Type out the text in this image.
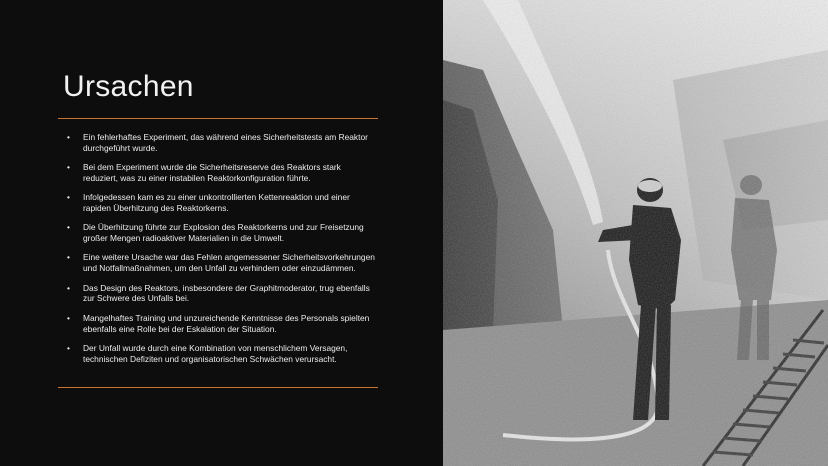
Ursachen
• Ein fehlerhaftes Experiment, das während eines Sicherheitstests am Reaktor durchgeführt wurde.
• Bei dem Experiment wurde die Sicherheitsreserve des Reaktors stark reduziert, was zu einer instabilen Reaktorkonfiguration führte.
• Infolgedessen kam es zu einer unkontrollierten Kettenreaktion und einer rapiden Überhitzung des Reaktorkerns.
• Die Überhitzung führte zur Explosion des Reaktorkerns und zur Freisetzung großer Mengen radioaktiver Materialien in die Umwelt.
• Eine weitere Ursache war das Fehlen angemessener Sicherheitsvorkehrungen und Notfallmaßnahmen, um den Unfall zu verhindern oder einzudämmen.
• Das Design des Reaktors, insbesondere der Graphitmoderator, trug ebenfalls zur Schwere des Unfalls bei.
• Mangelhaftes Training und unzureichende Kenntnisse des Personals spielten ebenfalls eine Rolle bei der Eskalation der Situation.
• Der Unfall wurde durch eine Kombination von menschlichem Versagen, technischen Defiziten und organisatorischen Schwächen verursacht.
